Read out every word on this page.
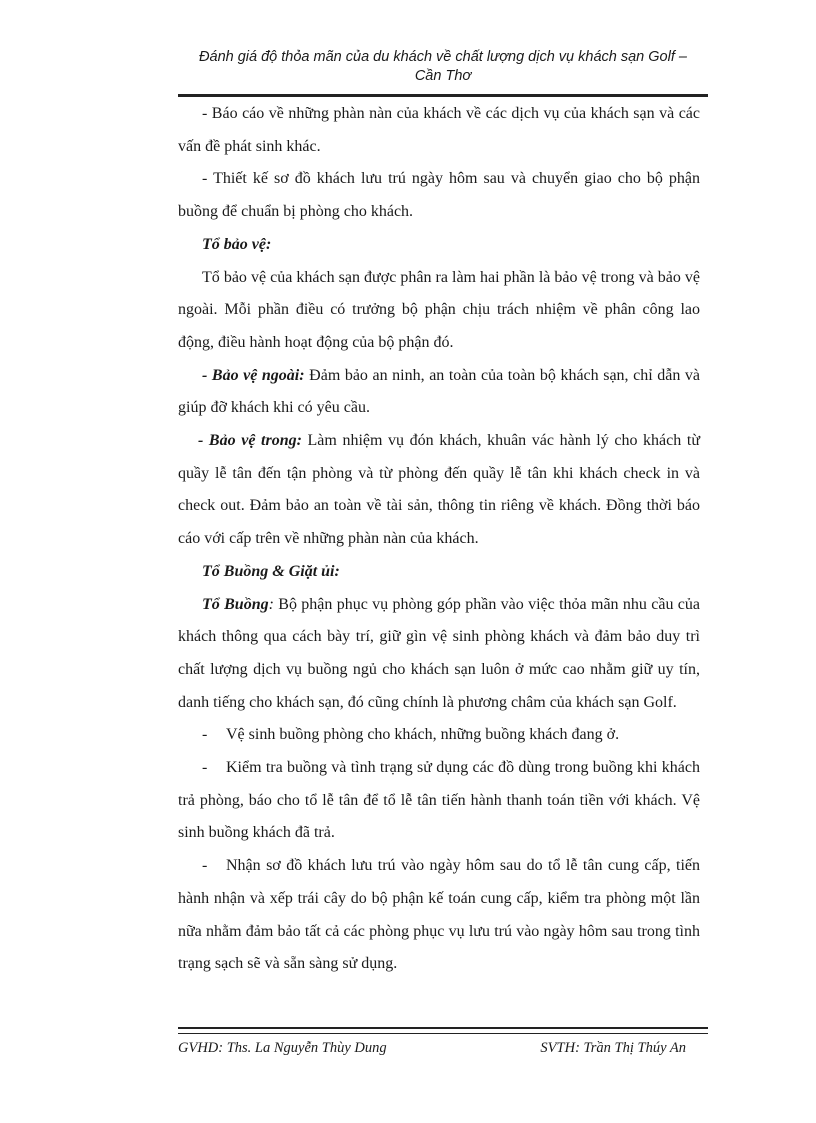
Đánh giá độ thỏa mãn của du khách về chất lượng dịch vụ khách sạn Golf –
Cần Thơ

- Báo cáo về những phàn nàn của khách về các dịch vụ của khách sạn và các vấn đề phát sinh khác.

- Thiết kế sơ đồ khách lưu trú ngày hôm sau và chuyển giao cho bộ phận buồng để chuẩn bị phòng cho khách.

Tổ bảo vệ:

Tổ bảo vệ của khách sạn được phân ra làm hai phần là bảo vệ trong và bảo vệ ngoài. Mỗi phần điều có trưởng bộ phận chịu trách nhiệm về phân công lao động, điều hành hoạt động của bộ phận đó.

- Bảo vệ ngoài: Đảm bảo an ninh, an toàn của toàn bộ khách sạn, chỉ dẫn và giúp đỡ khách khi có yêu cầu.

- Bảo vệ trong: Làm nhiệm vụ đón khách, khuân vác hành lý cho khách từ quầy lễ tân đến tận phòng và từ phòng đến quầy lễ tân khi khách check in và check out. Đảm bảo an toàn về tài sản, thông tin riêng về khách. Đồng thời báo cáo với cấp trên về những phàn nàn của khách.

Tổ Buồng & Giặt ủi:

Tổ Buồng: Bộ phận phục vụ phòng góp phần vào việc thỏa mãn nhu cầu của khách thông qua cách bày trí, giữ gìn vệ sinh phòng khách và đảm bảo duy trì chất lượng dịch vụ buồng ngủ cho khách sạn luôn ở mức cao nhằm giữ uy tín, danh tiếng cho khách sạn, đó cũng chính là phương châm của khách sạn Golf.

- Vệ sinh buồng phòng cho khách, những buồng khách đang ở.

- Kiểm tra buồng và tình trạng sử dụng các đồ dùng trong buồng khi khách trả phòng, báo cho tổ lễ tân để tổ lễ tân tiến hành thanh toán tiền với khách. Vệ sinh buồng khách đã trả.

- Nhận sơ đồ khách lưu trú vào ngày hôm sau do tổ lễ tân cung cấp, tiến hành nhận và xếp trái cây do bộ phận kế toán cung cấp, kiểm tra phòng một lần nữa nhằm đảm bảo tất cả các phòng phục vụ lưu trú vào ngày hôm sau trong tình trạng sạch sẽ và sẵn sàng sử dụng.

GVHD: Ths. La Nguyễn Thùy Dung	SVTH: Trần Thị Thúy An
